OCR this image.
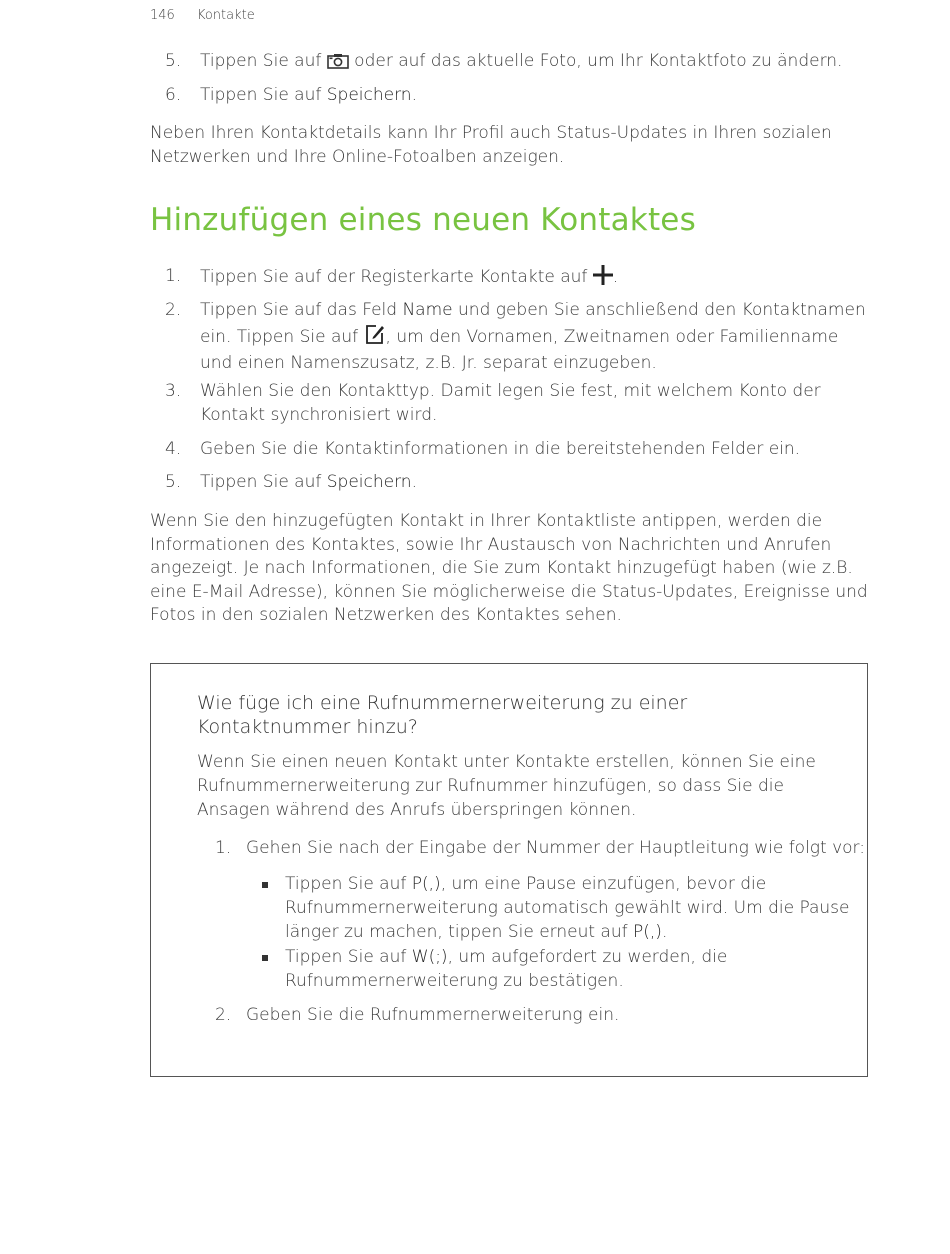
146 Kontakte
5.	Tippen Sie auf  oder auf das aktuelle Foto, um Ihr Kontaktfoto zu ändern.
6.	Tippen Sie auf Speichern.
Neben Ihren Kontaktdetails kann Ihr Profil auch Status-Updates in Ihren sozialen Netzwerken und Ihre Online-Fotoalben anzeigen.
Hinzufügen eines neuen Kontaktes
1.	Tippen Sie auf der Registerkarte Kontakte auf .
2.	Tippen Sie auf das Feld Name und geben Sie anschließend den Kontaktnamen ein. Tippen Sie auf , um den Vornamen, Zweitnamen oder Familienname und einen Namenszusatz, z.B. Jr. separat einzugeben.
3.	Wählen Sie den Kontakttyp. Damit legen Sie fest, mit welchem Konto der Kontakt synchronisiert wird.
4.	Geben Sie die Kontaktinformationen in die bereitstehenden Felder ein.
5.	Tippen Sie auf Speichern.
Wenn Sie den hinzugefügten Kontakt in Ihrer Kontaktliste antippen, werden die Informationen des Kontaktes, sowie Ihr Austausch von Nachrichten und Anrufen angezeigt. Je nach Informationen, die Sie zum Kontakt hinzugefügt haben (wie z.B. eine E-Mail Adresse), können Sie möglicherweise die Status-Updates, Ereignisse und Fotos in den sozialen Netzwerken des Kontaktes sehen.
Wie füge ich eine Rufnummernerweiterung zu einer Kontaktnummer hinzu?
Wenn Sie einen neuen Kontakt unter Kontakte erstellen, können Sie eine Rufnummernerweiterung zur Rufnummer hinzufügen, so dass Sie die Ansagen während des Anrufs überspringen können.
1. Gehen Sie nach der Eingabe der Nummer der Hauptleitung wie folgt vor:
Tippen Sie auf P(,), um eine Pause einzufügen, bevor die Rufnummernerweiterung automatisch gewählt wird. Um die Pause länger zu machen, tippen Sie erneut auf P(,).
Tippen Sie auf W(;), um aufgefordert zu werden, die Rufnummernerweiterung zu bestätigen.
2. Geben Sie die Rufnummernerweiterung ein.
